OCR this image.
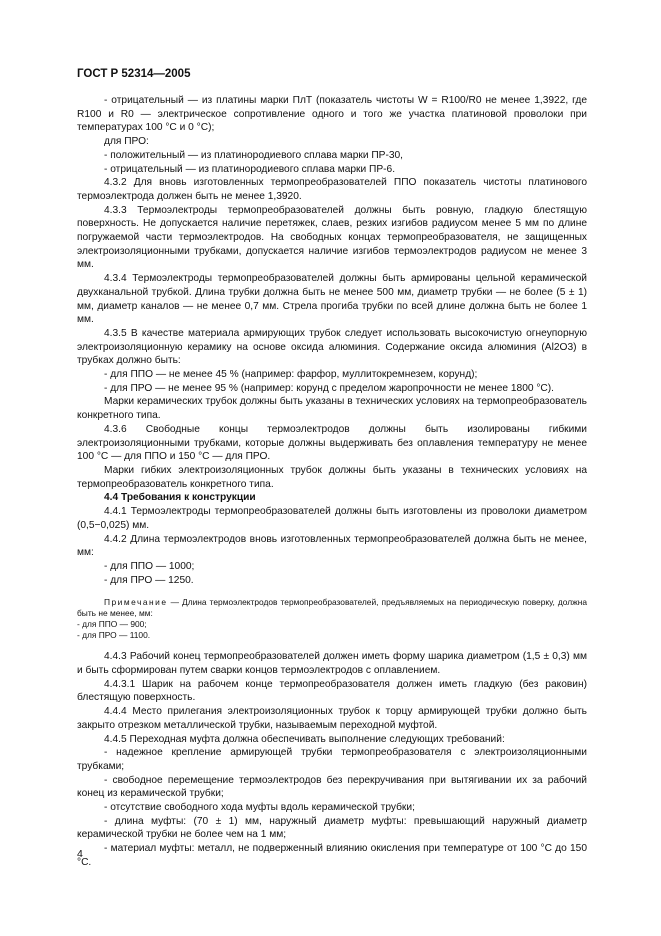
ГОСТ Р 52314—2005

- отрицательный — из платины марки ПлТ (показатель чистоты W = R100/R0 не менее 1,3922, где R100 и R0 — электрическое сопротивление одного и того же участка платиновой проволоки при температурах 100 °С и 0 °С);

для ПРО:

- положительный — из платинородиевого сплава марки ПР-30,

- отрицательный — из платинородиевого сплава марки ПР-6.

4.3.2 Для вновь изготовленных термопреобразователей ППО показатель чистоты платинового термоэлектрода должен быть не менее 1,3920.

4.3.3 Термоэлектроды термопреобразователей должны быть ровную, гладкую блестящую поверхность. Не допускается наличие перетяжек, слаев, резких изгибов радиусом менее 5 мм по длине погружаемой части термоэлектродов. На свободных концах термопреобразователя, не защищенных электроизоляционными трубками, допускается наличие изгибов термоэлектродов радиусом не менее 3 мм.

4.3.4 Термоэлектроды термопреобразователей должны быть армированы цельной керамической двухканальной трубкой. Длина трубки должна быть не менее 500 мм, диаметр трубки — не более (5 ± 1) мм, диаметр каналов — не менее 0,7 мм. Стрела прогиба трубки по всей длине должна быть не более 1 мм.

4.3.5 В качестве материала армирующих трубок следует использовать высокочистую огнеупорную электроизоляционную керамику на основе оксида алюминия. Содержание оксида алюминия (Al2O3) в трубках должно быть:

- для ППО — не менее 45 % (например: фарфор, муллитокремнезем, корунд);

- для ПРО — не менее 95 % (например: корунд с пределом жаропрочности не менее 1800 °С).

Марки керамических трубок должны быть указаны в технических условиях на термопреобразователь конкретного типа.

4.3.6 Свободные концы термоэлектродов должны быть изолированы гибкими электроизоляционными трубками, которые должны выдерживать без оплавления температуру не менее 100 °С — для ППО и 150 °С — для ПРО.

Марки гибких электроизоляционных трубок должны быть указаны в технических условиях на термопреобразователь конкретного типа.

4.4 Требования к конструкции

4.4.1 Термоэлектроды термопреобразователей должны быть изготовлены из проволоки диаметром (0,5−0,025) мм.

4.4.2 Длина термоэлектродов вновь изготовленных термопреобразователей должна быть не менее, мм:

- для ППО — 1000;

- для ПРО — 1250.

Примечание — Длина термоэлектродов термопреобразователей, предъявляемых на периодическую поверку, должна быть не менее, мм:

- для ППО — 900;

- для ПРО — 1100.

4.4.3 Рабочий конец термопреобразователей должен иметь форму шарика диаметром (1,5 ± 0,3) мм и быть сформирован путем сварки концов термоэлектродов с оплавлением.

4.4.3.1 Шарик на рабочем конце термопреобразователя должен иметь гладкую (без раковин) блестящую поверхность.

4.4.4 Место прилегания электроизоляционных трубок к торцу армирующей трубки должно быть закрыто отрезком металлической трубки, называемым переходной муфтой.

4.4.5 Переходная муфта должна обеспечивать выполнение следующих требований:

- надежное крепление армирующей трубки термопреобразователя с электроизоляционными трубками;

- свободное перемещение термоэлектродов без перекручивания при вытягивании их за рабочий конец из керамической трубки;

- отсутствие свободного хода муфты вдоль керамической трубки;

- длина муфты: (70 ± 1) мм, наружный диаметр муфты: превышающий наружный диаметр керамической трубки не более чем на 1 мм;

- материал муфты: металл, не подверженный влиянию окисления при температуре от 100 °С до 150 °С.

4
